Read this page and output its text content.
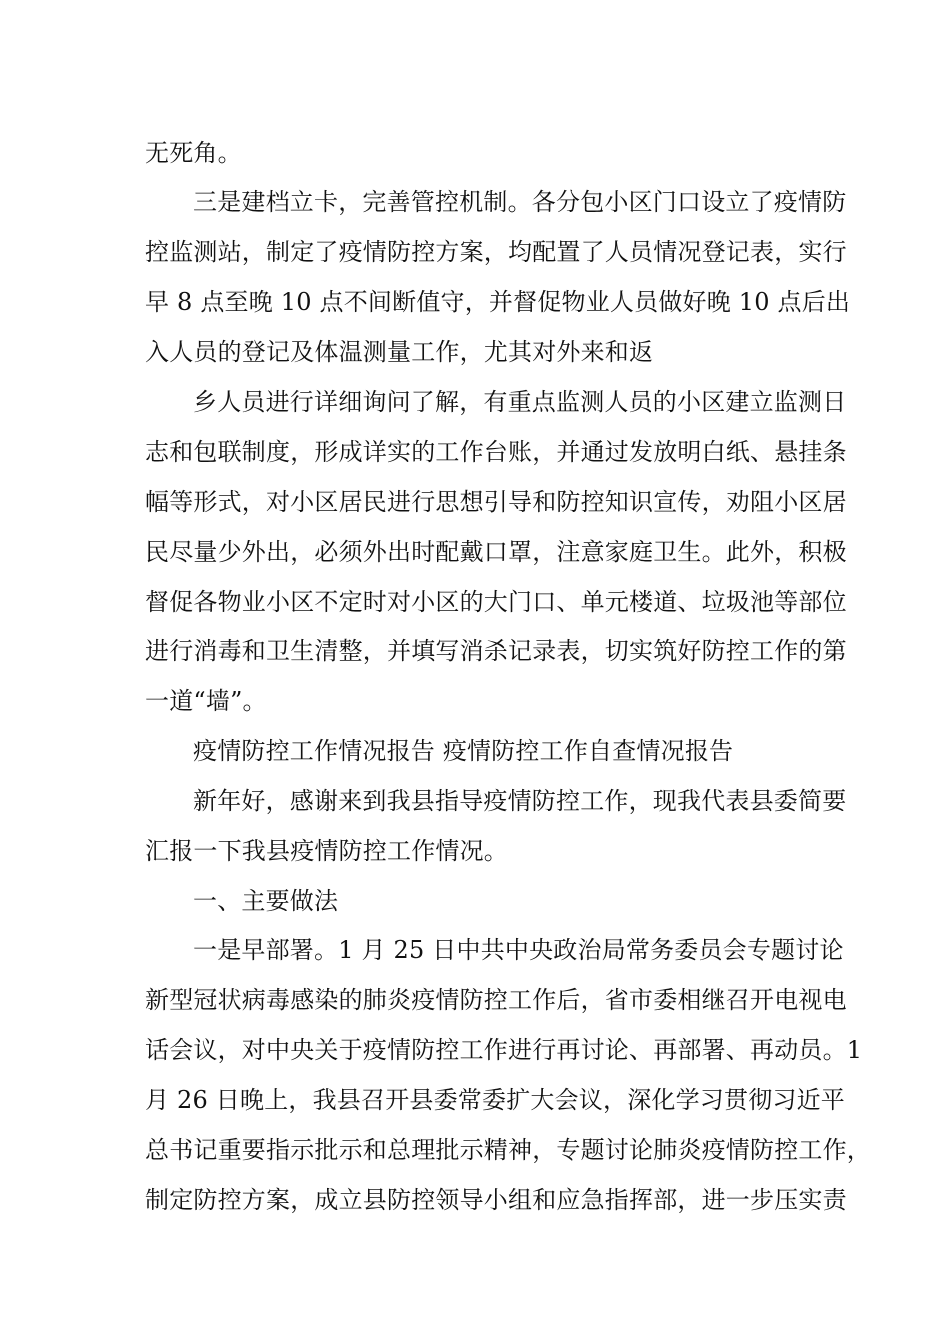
无死角。
三是建档立卡，完善管控机制。各分包小区门口设立了疫情防
控监测站，制定了疫情防控方案，均配置了人员情况登记表，实行
早 8 点至晚 10 点不间断值守，并督促物业人员做好晚 10 点后出
入人员的登记及体温测量工作，尤其对外来和返
乡人员进行详细询问了解，有重点监测人员的小区建立监测日
志和包联制度，形成详实的工作台账，并通过发放明白纸、悬挂条
幅等形式，对小区居民进行思想引导和防控知识宣传，劝阻小区居
民尽量少外出，必须外出时配戴口罩，注意家庭卫生。此外，积极
督促各物业小区不定时对小区的大门口、单元楼道、垃圾池等部位
进行消毒和卫生清整，并填写消杀记录表，切实筑好防控工作的第
一道“墙”。
疫情防控工作情况报告 疫情防控工作自查情况报告
新年好，感谢来到我县指导疫情防控工作，现我代表县委简要
汇报一下我县疫情防控工作情况。
一、主要做法
一是早部署。1 月 25 日中共中央政治局常务委员会专题讨论
新型冠状病毒感染的肺炎疫情防控工作后，省市委相继召开电视电
话会议，对中央关于疫情防控工作进行再讨论、再部署、再动员。1
月 26 日晚上，我县召开县委常委扩大会议，深化学习贯彻习近平
总书记重要指示批示和总理批示精神，专题讨论肺炎疫情防控工作，
制定防控方案，成立县防控领导小组和应急指挥部，进一步压实责
